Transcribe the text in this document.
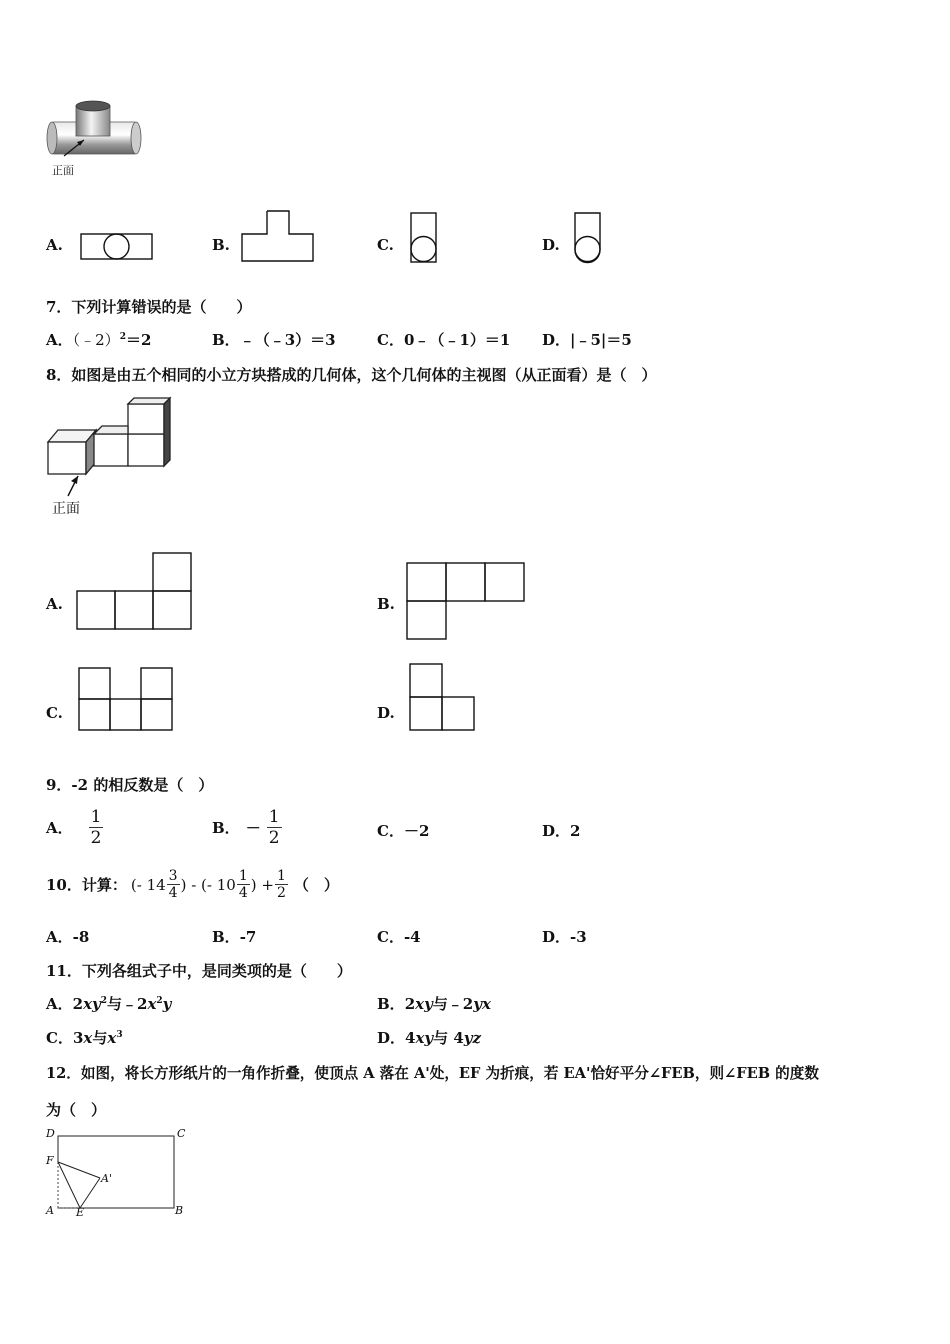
正面
A.	B.	C.	D.
7．下列计算错误的是（　　）
A．（﹣2）$^2$＝2	B．﹣（﹣3）＝3	C．0﹣（﹣1）＝1 D．|﹣5|＝5
8．如图是由五个相同的小立方块搭成的几何体，这个几何体的主视图（从正面看）是（　）
正面
A.	B.
C.	D.
9．-2 的相反数是（　）
A． $\frac{1}{2}$	B． － $\frac{1}{2}$	C．－2	D．2
10．计算： (- $14 \frac{3}{4}$ ) - (- $10 \frac{1}{4}$ ) + $\frac{1}{2}$ （　）
A．-8	B．-7	C．-4	D．-3
11．下列各组式子中，是同类项的是（　　）
A．$2xy^2$与$﹣2x^2y$	B．2xy与﹣2yx
C．3x与$x^3$	D．4xy与 4yz
12．如图，将长方形纸片的一角作折叠，使顶点 A 落在 A'处，EF 为折痕，若 EA'恰好平分∠FEB，则∠FEB 的度数
为（　）
D	C
F
A'
A E	B
